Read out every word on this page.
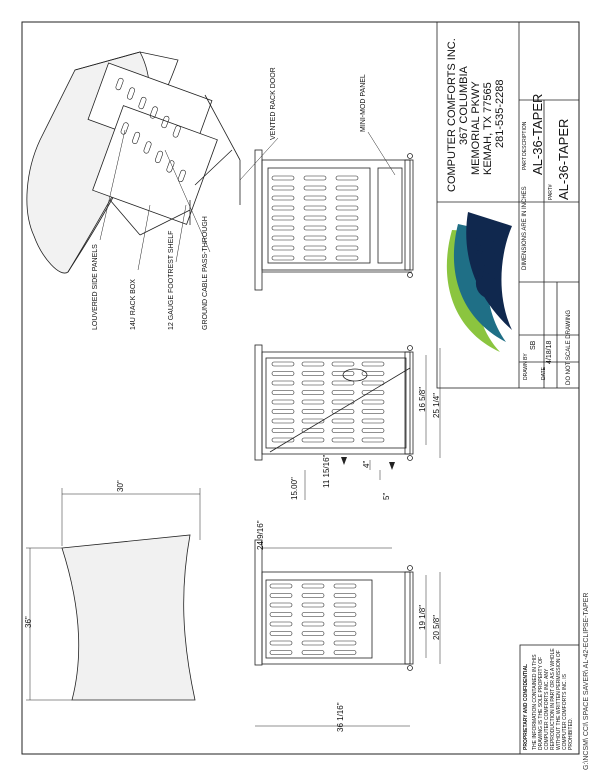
COMPUTER COMFORTS INC. 367 COLUMBIA MEMORIAL PKWY KEMAH, TX 77565 281-535-2288	PART DESCRIPTION AL-36-TAPER
PART# AL-36-TAPER
DIMENSIONS ARE IN INCHES
DRAWN BY
SB
DATE
4/18/18 DO NOT SCALE DRAWING
CCI
PROPRIETARY AND CONFIDENTIAL THE INFORMATION CONTAINED IN THIS DRAWING IS THE SOLE PROPERTY OF COMPUTER COMFORTS INC. ANY REPRODUCTION IN PART OR AS A WHOLE WITHOUT THE WRITTEN PERMISSION OF COMPUTER COMFORTS INC. IS PROHIBITED. G:\NCSM\ CCI\ SPACE SAVER\ AL-42-ECLIPSE-TAPER
LOUVERED SIDE PANELS	14U RACK BOX	12 GAUGE FOOTREST SHELF	GROUND CABLE PASS-THROUGH
VENTED RACK DOOR	MINI-MOD PANEL
30"
36"
15.00"
11 15/16"	4"
5"
16 5/8" 25 1/4"
24 9/16"
36 1/16"
19 1/8" 20 5/8"
